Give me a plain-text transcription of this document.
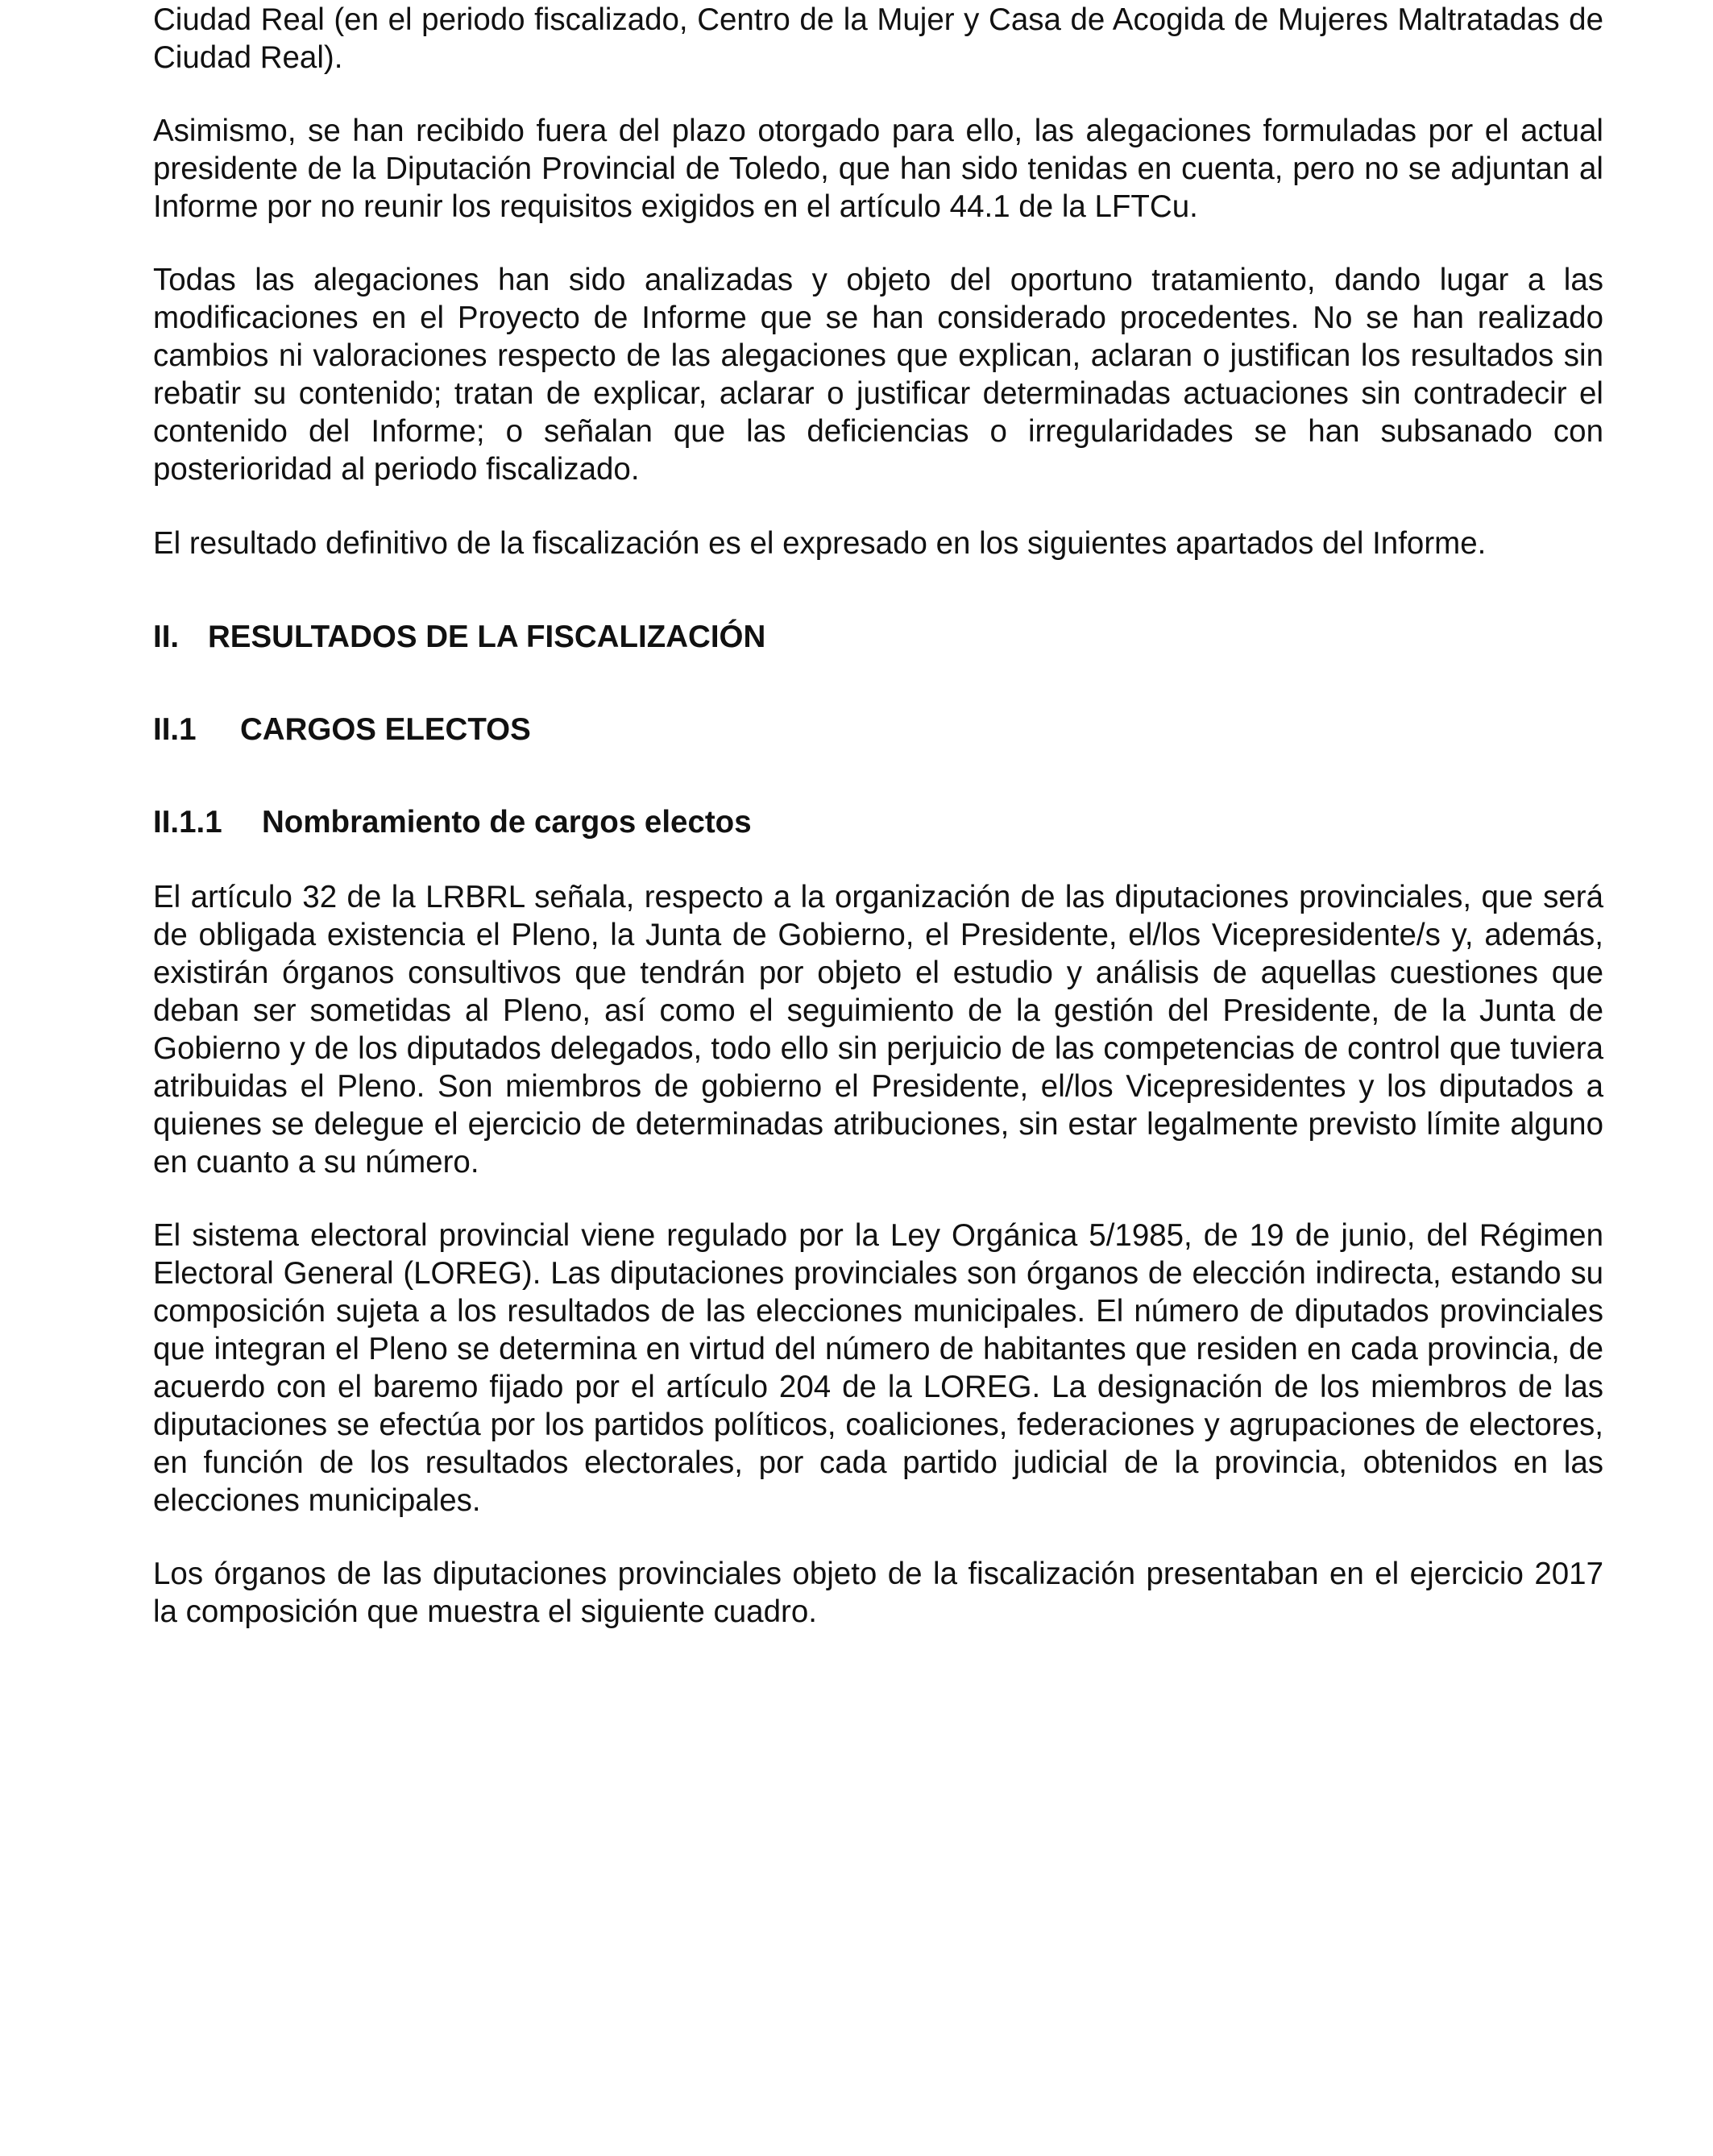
Ciudad Real (en el periodo fiscalizado, Centro de la Mujer y Casa de Acogida de Mujeres Maltratadas de Ciudad Real).

Asimismo, se han recibido fuera del plazo otorgado para ello, las alegaciones formuladas por el actual presidente de la Diputación Provincial de Toledo, que han sido tenidas en cuenta, pero no se adjuntan al Informe por no reunir los requisitos exigidos en el artículo 44.1 de la LFTCu.

Todas las alegaciones han sido analizadas y objeto del oportuno tratamiento, dando lugar a las modificaciones en el Proyecto de Informe que se han considerado procedentes. No se han realizado cambios ni valoraciones respecto de las alegaciones que explican, aclaran o justifican los resultados sin rebatir su contenido; tratan de explicar, aclarar o justificar determinadas actuaciones sin contradecir el contenido del Informe; o señalan que las deficiencias o irregularidades se han subsanado con posterioridad al periodo fiscalizado.

El resultado definitivo de la fiscalización es el expresado en los siguientes apartados del Informe.

II. RESULTADOS DE LA FISCALIZACIÓN
II.1 CARGOS ELECTOS
II.1.1 Nombramiento de cargos electos

El artículo 32 de la LRBRL señala, respecto a la organización de las diputaciones provinciales, que será de obligada existencia el Pleno, la Junta de Gobierno, el Presidente, el/los Vicepresidente/s y, además, existirán órganos consultivos que tendrán por objeto el estudio y análisis de aquellas cuestiones que deban ser sometidas al Pleno, así como el seguimiento de la gestión del Presidente, de la Junta de Gobierno y de los diputados delegados, todo ello sin perjuicio de las competencias de control que tuviera atribuidas el Pleno. Son miembros de gobierno el Presidente, el/los Vicepresidentes y los diputados a quienes se delegue el ejercicio de determinadas atribuciones, sin estar legalmente previsto límite alguno en cuanto a su número.

El sistema electoral provincial viene regulado por la Ley Orgánica 5/1985, de 19 de junio, del Régimen Electoral General (LOREG). Las diputaciones provinciales son órganos de elección indirecta, estando su composición sujeta a los resultados de las elecciones municipales. El número de diputados provinciales que integran el Pleno se determina en virtud del número de habitantes que residen en cada provincia, de acuerdo con el baremo fijado por el artículo 204 de la LOREG. La designación de los miembros de las diputaciones se efectúa por los partidos políticos, coaliciones, federaciones y agrupaciones de electores, en función de los resultados electorales, por cada partido judicial de la provincia, obtenidos en las elecciones municipales.

Los órganos de las diputaciones provinciales objeto de la fiscalización presentaban en el ejercicio 2017 la composición que muestra el siguiente cuadro.
